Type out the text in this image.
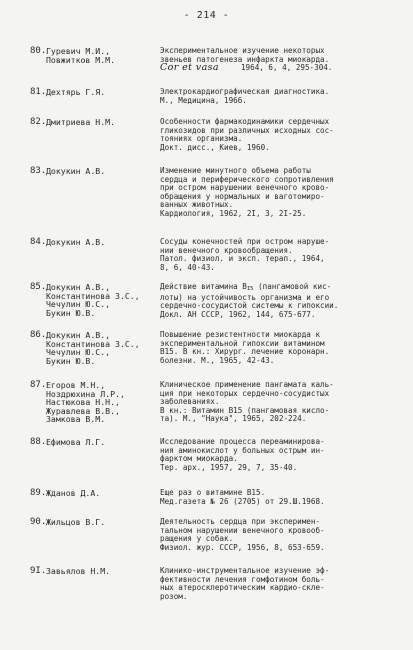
- 214 -
80. Гуревич М.И.,
Повжитков М.М.
Экспериментальное изучение некоторых
звеньев патогенеза инфаркта миокарда.
Cor et vasa	1964, 6, 4, 295-304.
81. Дехтярь Г.Я.	Электрокардиографическая диагностика.
М., Медицина, 1966.
82. Дмитриева Н.М.	Особенности фармакодинамики сердечных
гликозидов при различных исходных сос-
тояниях организма.
Докт. дисс., Киев, 1960.
83. Докукин А.В.	Изменение минутного объема работы
сердца и периферического сопротивления
при остром нарушении венечного крово-
обращения у нормальных и ваготомиро-
ванных животных.
Кардиология, 1962, 2I, 3, 2I-25.
84. Докукин А.В.	Сосуды конечностей при остром наруше-
нии венечного кровообращения.
Патол. физиол. и эксп. терап., 1964,
8, 6, 40-43.
85. Докукин А.В.,
Константинова З.С.,
Чечулин Ю.С.,
Букин Ю.В.
Действие витамина $B_{I5}$ (пангамовой кис-
лоты) на устойчивость организма и его
сердечно-сосудистой системы к гипоксии.
Докл. АН СССР, 1962, 144, 675-677.
86. Докукин А.В.,
Константинова З.С.,
Чечулин Ю.С.,
Букин Ю.В.
Повышение резистентности миокарда к
экспериментальной гипоксии витамином
B15. В кн.: Хирург. лечение коронарн.
болезни. М., 1965, 42-43.
87. Егоров М.Н.,
Ноздрюхина Л.Р.,
Настюкова Н.Н.,
Журавлева В.В.,
Замкова В.М.
Клиническое применение пангамата каль-
ция при некоторых сердечно-сосудистых
заболеваниях.
В кн.: Витамин B15 (пангамовая кисло-
та). М., "Наука", 1965, 202-224.
88. Ефимова Л.Г.	Исследование процесса переаминирова-
ния аминокислот у больных острым ин-
фарктом миокарда.
Тер. арх., 1957, 29, 7, 35-40.
89. Жданов Д.А.	Еще раз о витамине B15.
Мед.газета № 26 (2705) от 29.Ш.1968.
90. Жильцов В.Г.	Деятельность сердца при эксперимен-
тальном нарушении венечного кровооб-
ращения у собак.
Физиол. жур. СССР, 1956, 8, 653-659.
9I. Завьялов Н.М.	Клинико-инструментальное изучение эф-
фективности лечения гомфотином боль-
ных атеросклеротическим кардио-скле-
розом.
